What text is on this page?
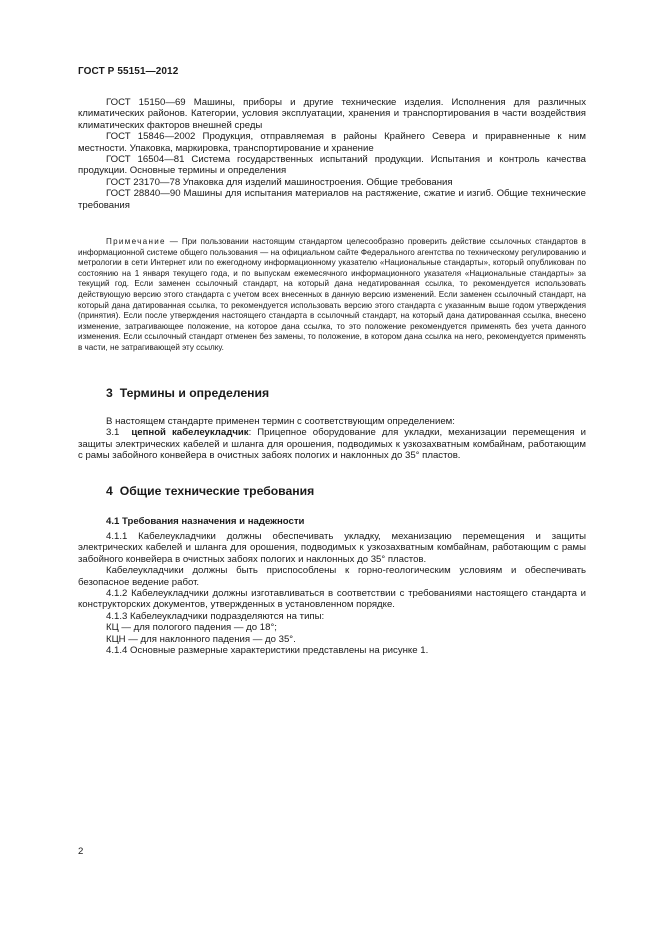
ГОСТ Р 55151—2012

ГОСТ 15150—69 Машины, приборы и другие технические изделия. Исполнения для различных климатических районов. Категории, условия эксплуатации, хранения и транспортирования в части воздействия климатических факторов внешней среды

ГОСТ 15846—2002 Продукция, отправляемая в районы Крайнего Севера и приравненные к ним местности. Упаковка, маркировка, транспортирование и хранение

ГОСТ 16504—81 Система государственных испытаний продукции. Испытания и контроль качества продукции. Основные термины и определения

ГОСТ 23170—78 Упаковка для изделий машиностроения. Общие требования

ГОСТ 28840—90 Машины для испытания материалов на растяжение, сжатие и изгиб. Общие технические требования

Примечание — При пользовании настоящим стандартом целесообразно проверить действие ссылочных стандартов в информационной системе общего пользования — на официальном сайте Федерального агентства по техническому регулированию и метрологии в сети Интернет или по ежегодному информационному указателю «Национальные стандарты», который опубликован по состоянию на 1 января текущего года, и по выпускам ежемесячного информационного указателя «Национальные стандарты» за текущий год. Если заменен ссылочный стандарт, на который дана недатированная ссылка, то рекомендуется использовать действующую версию этого стандарта с учетом всех внесенных в данную версию изменений. Если заменен ссылочный стандарт, на который дана датированная ссылка, то рекомендуется использовать версию этого стандарта с указанным выше годом утверждения (принятия). Если после утверждения настоящего стандарта в ссылочный стандарт, на который дана датированная ссылка, внесено изменение, затрагивающее положение, на которое дана ссылка, то это положение рекомендуется применять без учета данного изменения. Если ссылочный стандарт отменен без замены, то положение, в котором дана ссылка на него, рекомендуется применять в части, не затрагивающей эту ссылку.

3 Термины и определения

В настоящем стандарте применен термин с соответствующим определением:

3.1 цепной кабелеукладчик: Прицепное оборудование для укладки, механизации перемещения и защиты электрических кабелей и шланга для орошения, подводимых к узкозахватным комбайнам, работающим с рамы забойного конвейера в очистных забоях пологих и наклонных до 35° пластов.

4 Общие технические требования
4.1 Требования назначения и надежности

4.1.1 Кабелеукладчики должны обеспечивать укладку, механизацию перемещения и защиты электрических кабелей и шланга для орошения, подводимых к узкозахватным комбайнам, работающим с рамы забойного конвейера в очистных забоях пологих и наклонных до 35° пластов.

Кабелеукладчики должны быть приспособлены к горно-геологическим условиям и обеспечивать безопасное ведение работ.

4.1.2 Кабелеукладчики должны изготавливаться в соответствии с требованиями настоящего стандарта и конструкторских документов, утвержденных в установленном порядке.

4.1.3 Кабелеукладчики подразделяются на типы:

КЦ — для пологого падения — до 18°;

КЦН — для наклонного падения — до 35°.

4.1.4 Основные размерные характеристики представлены на рисунке 1.

2
